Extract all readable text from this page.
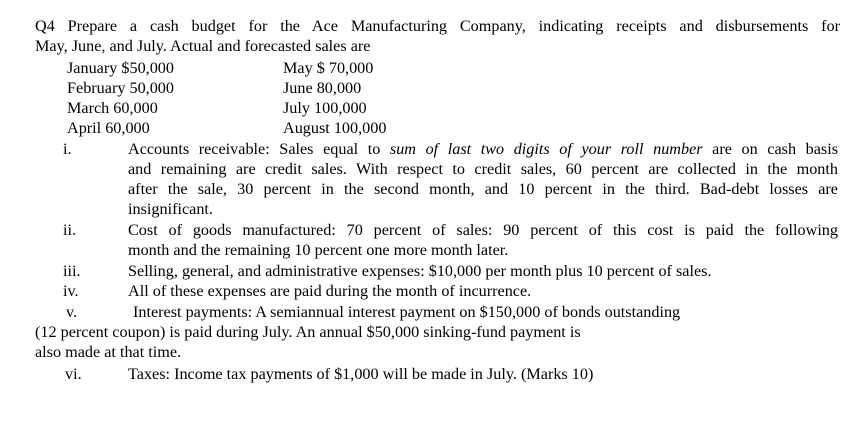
Q4 Prepare a cash budget for the Ace Manufacturing Company, indicating receipts and disbursements for
May, June, and July. Actual and forecasted sales are
January $50,000	May $ 70,000
February 50,000	June 80,000
March 60,000	July 100,000
April 60,000	August 100,000
i.	Accounts receivable: Sales equal to sum of last two digits of your roll number are on cash basis
and remaining are credit sales. With respect to credit sales, 60 percent are collected in the month
after the sale, 30 percent in the second month, and 10 percent in the third. Bad-debt losses are
insignificant.
ii.	Cost of goods manufactured: 70 percent of sales: 90 percent of this cost is paid the following
month and the remaining 10 percent one more month later.
iii.	Selling, general, and administrative expenses: $10,000 per month plus 10 percent of sales.
iv.	All of these expenses are paid during the month of incurrence.
v.	Interest payments: A semiannual interest payment on $150,000 of bonds outstanding
(12 percent coupon) is paid during July. An annual $50,000 sinking-fund payment is
also made at that time.
vi.	Taxes: Income tax payments of $1,000 will be made in July. (Marks 10)
